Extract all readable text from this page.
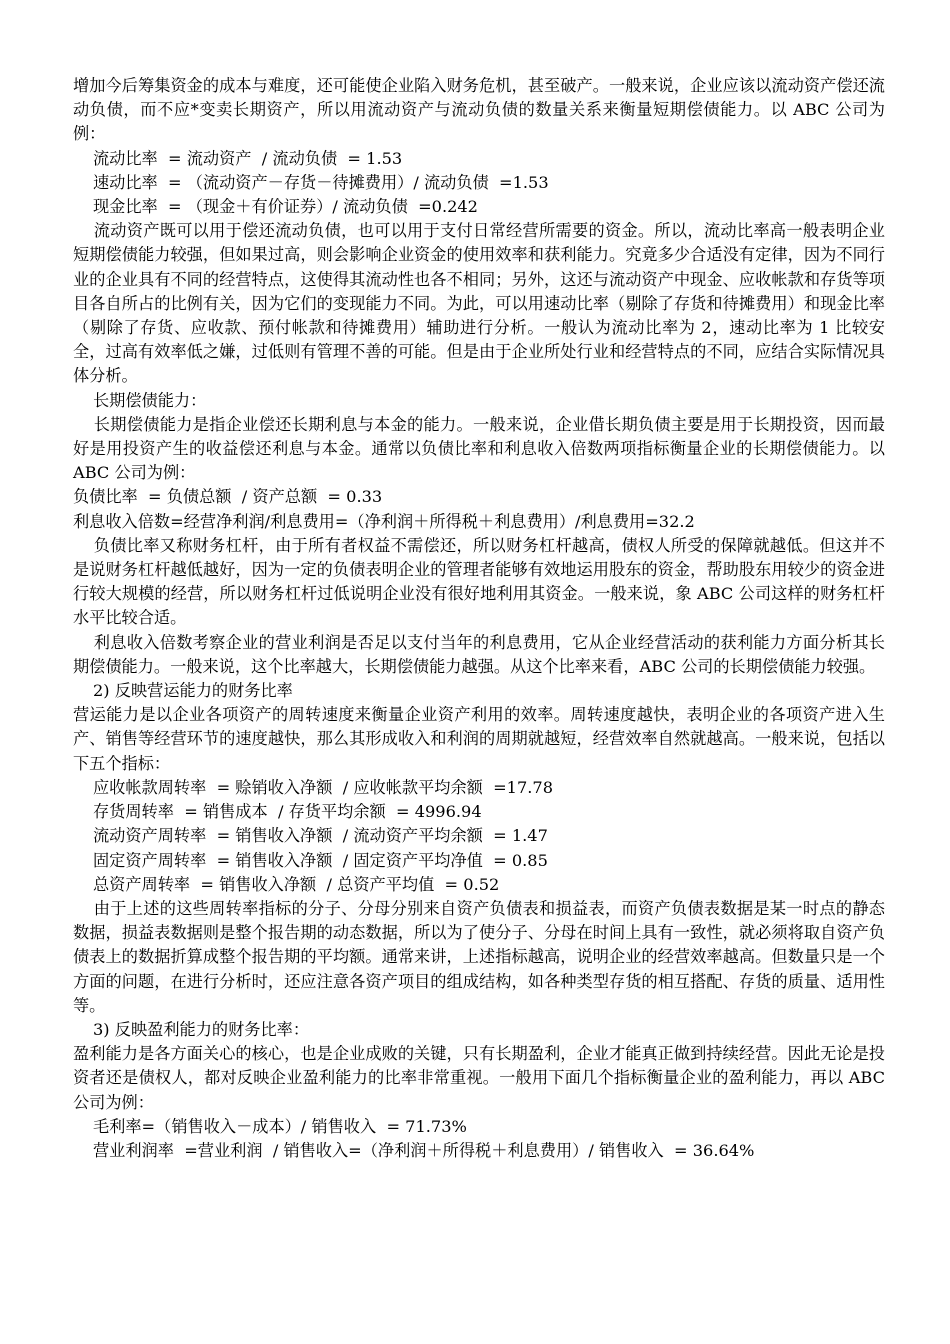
增加今后筹集资金的成本与难度，还可能使企业陷入财务危机，甚至破产。一般来说，企业应该以流动资产偿还流动负债，而不应*变卖长期资产，所以用流动资产与流动负债的数量关系来衡量短期偿债能力。以 ABC 公司为例：

流动比率  = 流动资产  / 流动负债  = 1.53

速动比率  = （流动资产－存货－待摊费用）/ 流动负债  =1.53

现金比率  = （现金＋有价证券）/ 流动负债  =0.242

流动资产既可以用于偿还流动负债，也可以用于支付日常经营所需要的资金。所以，流动比率高一般表明企业短期偿债能力较强，但如果过高，则会影响企业资金的使用效率和获利能力。究竟多少合适没有定律，因为不同行业的企业具有不同的经营特点，这使得其流动性也各不相同；另外，这还与流动资产中现金、应收帐款和存货等项目各自所占的比例有关，因为它们的变现能力不同。为此，可以用速动比率（剔除了存货和待摊费用）和现金比率（剔除了存货、应收款、预付帐款和待摊费用）辅助进行分析。一般认为流动比率为 2，速动比率为 1 比较安全，过高有效率低之嫌，过低则有管理不善的可能。但是由于企业所处行业和经营特点的不同，应结合实际情况具体分析。

长期偿债能力：

长期偿债能力是指企业偿还长期利息与本金的能力。一般来说，企业借长期负债主要是用于长期投资，因而最好是用投资产生的收益偿还利息与本金。通常以负债比率和利息收入倍数两项指标衡量企业的长期偿债能力。以 ABC 公司为例：

负债比率  = 负债总额  / 资产总额  = 0.33

利息收入倍数=经营净利润/利息费用=（净利润＋所得税＋利息费用）/利息费用=32.2

负债比率又称财务杠杆，由于所有者权益不需偿还，所以财务杠杆越高，债权人所受的保障就越低。但这并不是说财务杠杆越低越好，因为一定的负债表明企业的管理者能够有效地运用股东的资金，帮助股东用较少的资金进行较大规模的经营，所以财务杠杆过低说明企业没有很好地利用其资金。一般来说，象 ABC 公司这样的财务杠杆水平比较合适。

利息收入倍数考察企业的营业利润是否足以支付当年的利息费用，它从企业经营活动的获利能力方面分析其长期偿债能力。一般来说，这个比率越大，长期偿债能力越强。从这个比率来看，ABC 公司的长期偿债能力较强。

2) 反映营运能力的财务比率

营运能力是以企业各项资产的周转速度来衡量企业资产利用的效率。周转速度越快，表明企业的各项资产进入生产、销售等经营环节的速度越快，那么其形成收入和利润的周期就越短，经营效率自然就越高。一般来说，包括以下五个指标：

应收帐款周转率  = 赊销收入净额  / 应收帐款平均余额  =17.78

存货周转率  = 销售成本  / 存货平均余额  = 4996.94

流动资产周转率  = 销售收入净额  / 流动资产平均余额  = 1.47

固定资产周转率  = 销售收入净额  / 固定资产平均净值  = 0.85

总资产周转率  = 销售收入净额  / 总资产平均值  = 0.52

由于上述的这些周转率指标的分子、分母分别来自资产负债表和损益表，而资产负债表数据是某一时点的静态数据，损益表数据则是整个报告期的动态数据，所以为了使分子、分母在时间上具有一致性，就必须将取自资产负债表上的数据折算成整个报告期的平均额。通常来讲，上述指标越高，说明企业的经营效率越高。但数量只是一个方面的问题，在进行分析时，还应注意各资产项目的组成结构，如各种类型存货的相互搭配、存货的质量、适用性等。

3) 反映盈利能力的财务比率：

盈利能力是各方面关心的核心，也是企业成败的关键，只有长期盈利，企业才能真正做到持续经营。因此无论是投资者还是债权人，都对反映企业盈利能力的比率非常重视。一般用下面几个指标衡量企业的盈利能力，再以 ABC 公司为例：

毛利率=（销售收入－成本）/ 销售收入  = 71.73%

营业利润率  =营业利润  / 销售收入=（净利润＋所得税＋利息费用）/ 销售收入  = 36.64%
